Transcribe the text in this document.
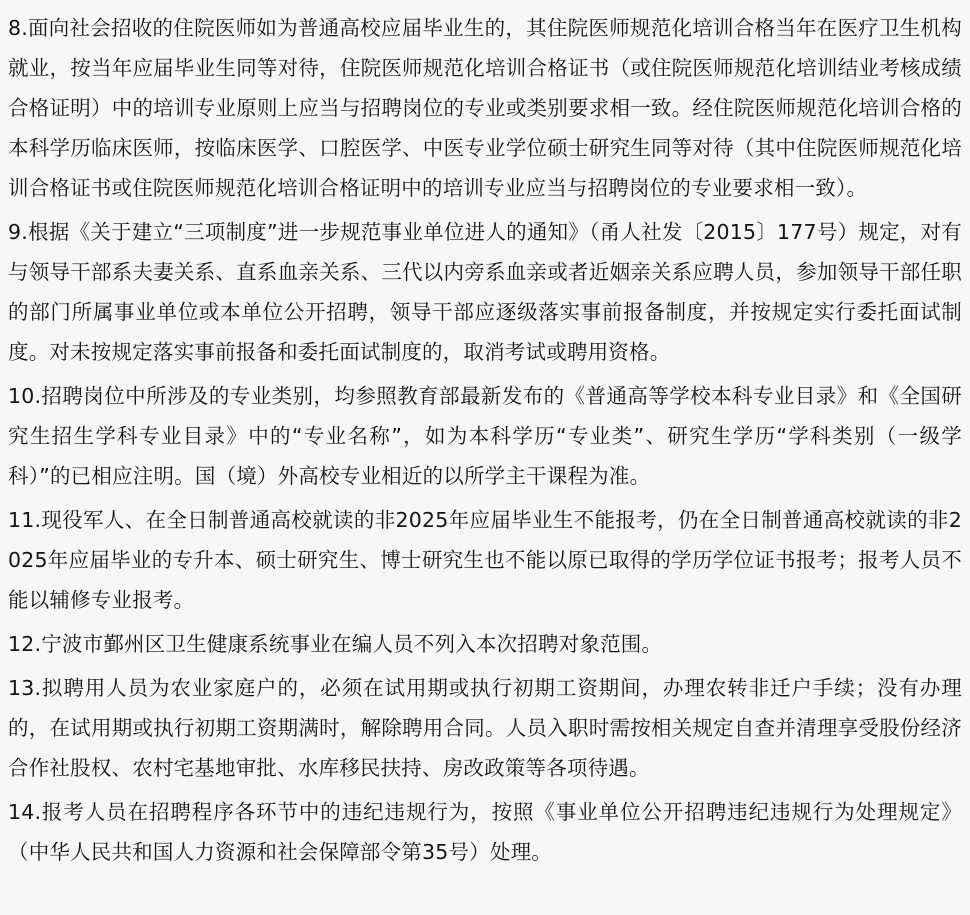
8.面向社会招收的住院医师如为普通高校应届毕业生的，其住院医师规范化培训合格当年在医疗卫生机构就业，按当年应届毕业生同等对待，住院医师规范化培训合格证书（或住院医师规范化培训结业考核成绩合格证明）中的培训专业原则上应当与招聘岗位的专业或类别要求相一致。经住院医师规范化培训合格的本科学历临床医师，按临床医学、口腔医学、中医专业学位硕士研究生同等对待（其中住院医师规范化培训合格证书或住院医师规范化培训合格证明中的培训专业应当与招聘岗位的专业要求相一致）。

9.根据《关于建立“三项制度”进一步规范事业单位进人的通知》（甬人社发〔2015〕177号）规定，对有与领导干部系夫妻关系、直系血亲关系、三代以内旁系血亲或者近姻亲关系应聘人员，参加领导干部任职的部门所属事业单位或本单位公开招聘，领导干部应逐级落实事前报备制度，并按规定实行委托面试制度。对未按规定落实事前报备和委托面试制度的，取消考试或聘用资格。

10.招聘岗位中所涉及的专业类别，均参照教育部最新发布的《普通高等学校本科专业目录》和《全国研究生招生学科专业目录》中的“专业名称”，如为本科学历“专业类”、研究生学历“学科类别（一级学科）”的已相应注明。国（境）外高校专业相近的以所学主干课程为准。

11.现役军人、在全日制普通高校就读的非2025年应届毕业生不能报考，仍在全日制普通高校就读的非2025年应届毕业的专升本、硕士研究生、博士研究生也不能以原已取得的学历学位证书报考；报考人员不能以辅修专业报考。

12.宁波市鄞州区卫生健康系统事业在编人员不列入本次招聘对象范围。

13.拟聘用人员为农业家庭户的，必须在试用期或执行初期工资期间，办理农转非迁户手续；没有办理的，在试用期或执行初期工资期满时，解除聘用合同。人员入职时需按相关规定自查并清理享受股份经济合作社股权、农村宅基地审批、水库移民扶持、房改政策等各项待遇。

14.报考人员在招聘程序各环节中的违纪违规行为，按照《事业单位公开招聘违纪违规行为处理规定》（中华人民共和国人力资源和社会保障部令第35号）处理。
